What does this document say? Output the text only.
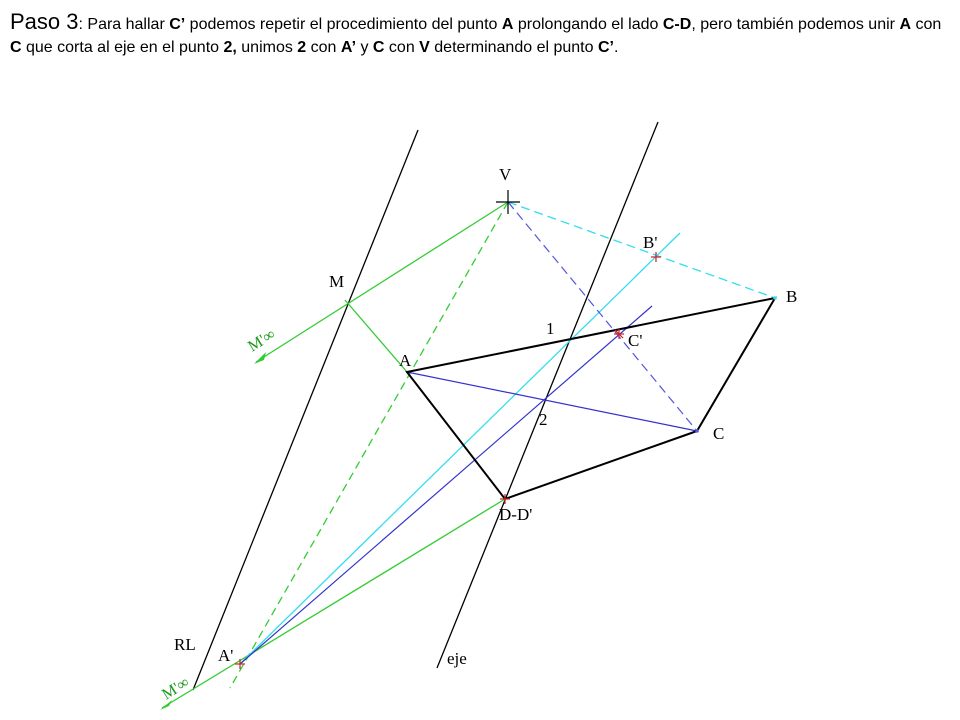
Paso 3: Para hallar C’ podemos repetir el procedimiento del punto A prolongando el lado C-D, pero también podemos unir A con C que corta al eje en el punto 2, unimos 2 con A’ y C con V determinando el punto C’.
V
M
B'
B
1
C'
A
2
C
D-D'
RL
A'	eje
M'∞
M'∞
